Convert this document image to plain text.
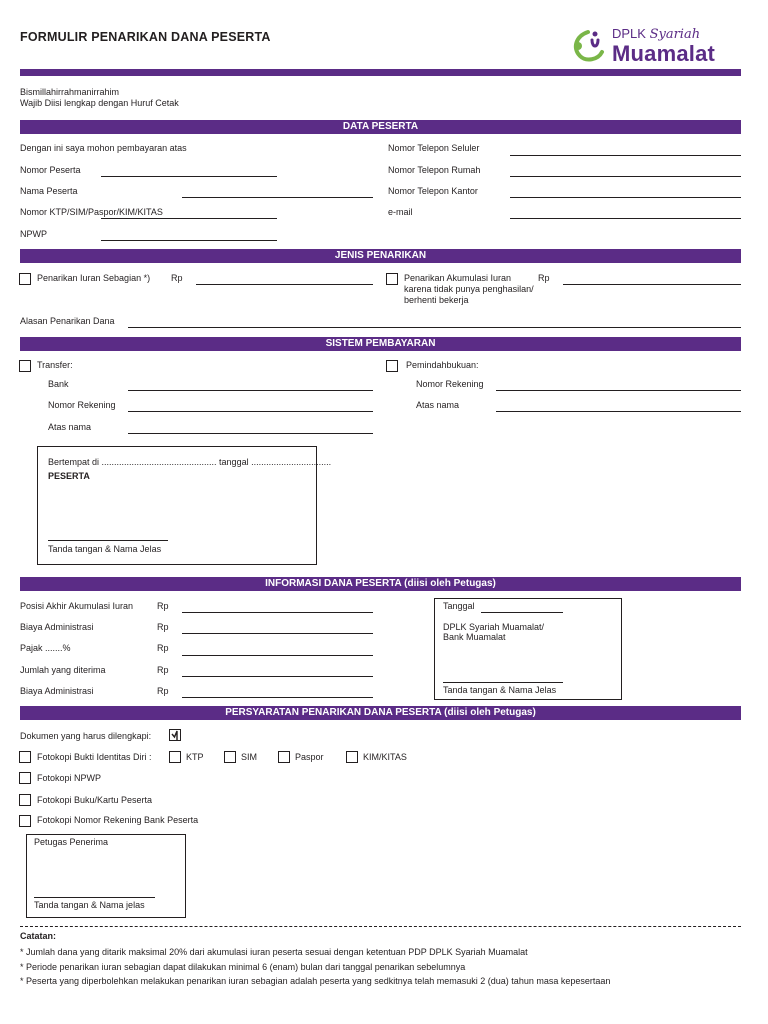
FORMULIR PENARIKAN DANA PESERTA	DPLK Syariah
Muamalat
Bismillahirrahmanirrahim
Wajib Diisi lengkap dengan Huruf Cetak
DATA PESERTA
Dengan ini saya mohon pembayaran atas
Nomor Peserta
Nama Peserta
Nomor KTP/SIM/Paspor/KIM/KITAS
NPWP
Nomor Telepon Seluler
Nomor Telepon Rumah
Nomor Telepon Kantor
e-mail
JENIS PENARIKAN
Penarikan Iuran Sebagian *) Rp	Penarikan Akumulasi Iuran	Rp
karena tidak punya penghasilan/
berhenti bekerja
Alasan Penarikan Dana
SISTEM PEMBAYARAN
Transfer:
Bank
Nomor Rekening
Atas nama
Pemindahbukuan:
Nomor Rekening
Atas nama
Bertempat di .............................................. tanggal ................................
PESERTA
Tanda tangan & Nama Jelas
INFORMASI DANA PESERTA (diisi oleh Petugas)
Posisi Akhir Akumulasi Iuran	Rp
Biaya Administrasi	Rp
Pajak .......%	Rp
Jumlah yang diterima	Rp
Biaya Administrasi	Rp
Tanggal
DPLK Syariah Muamalat/
Bank Muamalat
Tanda tangan & Nama Jelas
PERSYARATAN PENARIKAN DANA PESERTA (diisi oleh Petugas)
Dokumen yang harus dilengkapi:
Fotokopi Bukti Identitas Diri :	KTP	SIM	Paspor	KIM/KITAS
Fotokopi NPWP
Fotokopi Buku/Kartu Peserta
Fotokopi Nomor Rekening Bank Peserta
Petugas Penerima
Tanda tangan & Nama jelas
Catatan:
* Jumlah dana yang ditarik maksimal 20% dari akumulasi iuran peserta sesuai dengan ketentuan PDP DPLK Syariah Muamalat
* Periode penarikan iuran sebagian dapat dilakukan minimal 6 (enam) bulan dari tanggal penarikan sebelumnya
* Peserta yang diperbolehkan melakukan penarikan iuran sebagian adalah peserta yang sedkitnya telah memasuki 2 (dua) tahun masa kepesertaan
